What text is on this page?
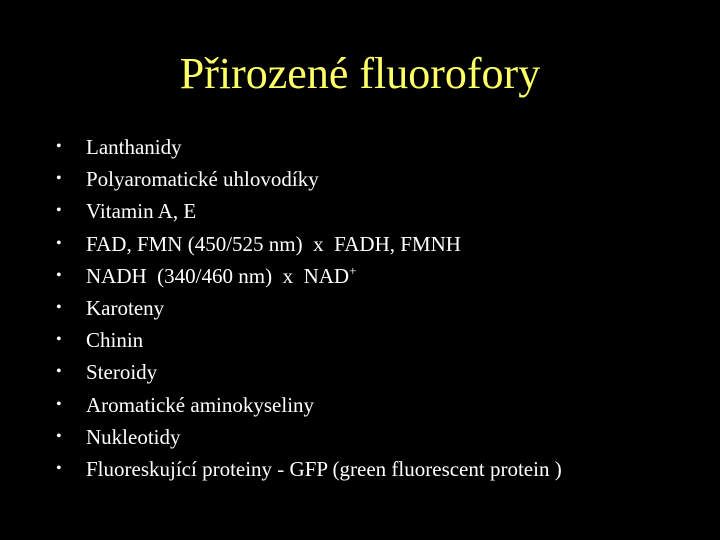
Přirozené fluorofory
• Lanthanidy
• Polyaromatické uhlovodíky
• Vitamin A, E
• FAD, FMN (450/525 nm)  x  FADH, FMNH
• NADH  (340/460 nm)  x  NAD+
• Karoteny
• Chinin
• Steroidy
• Aromatické aminokyseliny
• Nukleotidy
• Fluoreskující proteiny - GFP (green fluorescent protein )
